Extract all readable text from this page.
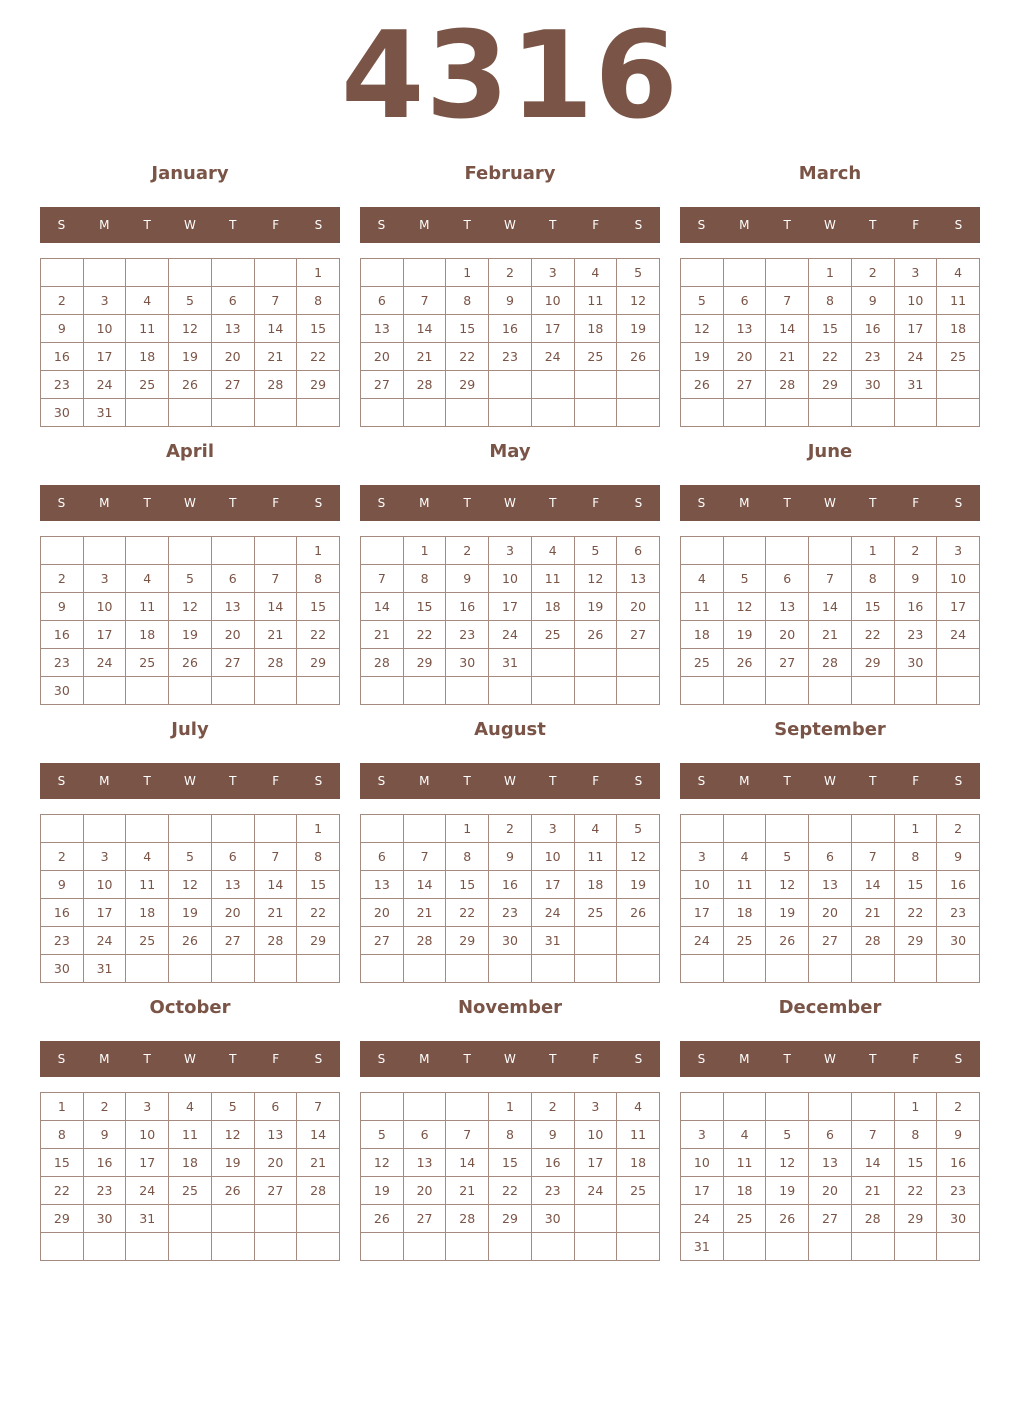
4316
January
S	M	T	W	T	F	S
						1
2	3	4	5	6	7	8
9	10	11	12	13	14	15
16	17	18	19	20	21	22
23	24	25	26	27	28	29
30	31					
February
S	M	T	W	T	F	S
		1	2	3	4	5
6	7	8	9	10	11	12
13	14	15	16	17	18	19
20	21	22	23	24	25	26
27	28	29				

March
S	M	T	W	T	F	S
			1	2	3	4
5	6	7	8	9	10	11
12	13	14	15	16	17	18
19	20	21	22	23	24	25
26	27	28	29	30	31	

April
S	M	T	W	T	F	S
						1
2	3	4	5	6	7	8
9	10	11	12	13	14	15
16	17	18	19	20	21	22
23	24	25	26	27	28	29
30						
May
S	M	T	W	T	F	S
	1	2	3	4	5	6
7	8	9	10	11	12	13
14	15	16	17	18	19	20
21	22	23	24	25	26	27
28	29	30	31			

June
S	M	T	W	T	F	S
				1	2	3
4	5	6	7	8	9	10
11	12	13	14	15	16	17
18	19	20	21	22	23	24
25	26	27	28	29	30	

July
S	M	T	W	T	F	S
						1
2	3	4	5	6	7	8
9	10	11	12	13	14	15
16	17	18	19	20	21	22
23	24	25	26	27	28	29
30	31					
August
S	M	T	W	T	F	S
		1	2	3	4	5
6	7	8	9	10	11	12
13	14	15	16	17	18	19
20	21	22	23	24	25	26
27	28	29	30	31		

September
S	M	T	W	T	F	S
					1	2
3	4	5	6	7	8	9
10	11	12	13	14	15	16
17	18	19	20	21	22	23
24	25	26	27	28	29	30

October
S	M	T	W	T	F	S
1	2	3	4	5	6	7
8	9	10	11	12	13	14
15	16	17	18	19	20	21
22	23	24	25	26	27	28
29	30	31				

November
S	M	T	W	T	F	S
			1	2	3	4
5	6	7	8	9	10	11
12	13	14	15	16	17	18
19	20	21	22	23	24	25
26	27	28	29	30		

December
S	M	T	W	T	F	S
					1	2
3	4	5	6	7	8	9
10	11	12	13	14	15	16
17	18	19	20	21	22	23
24	25	26	27	28	29	30
31						
